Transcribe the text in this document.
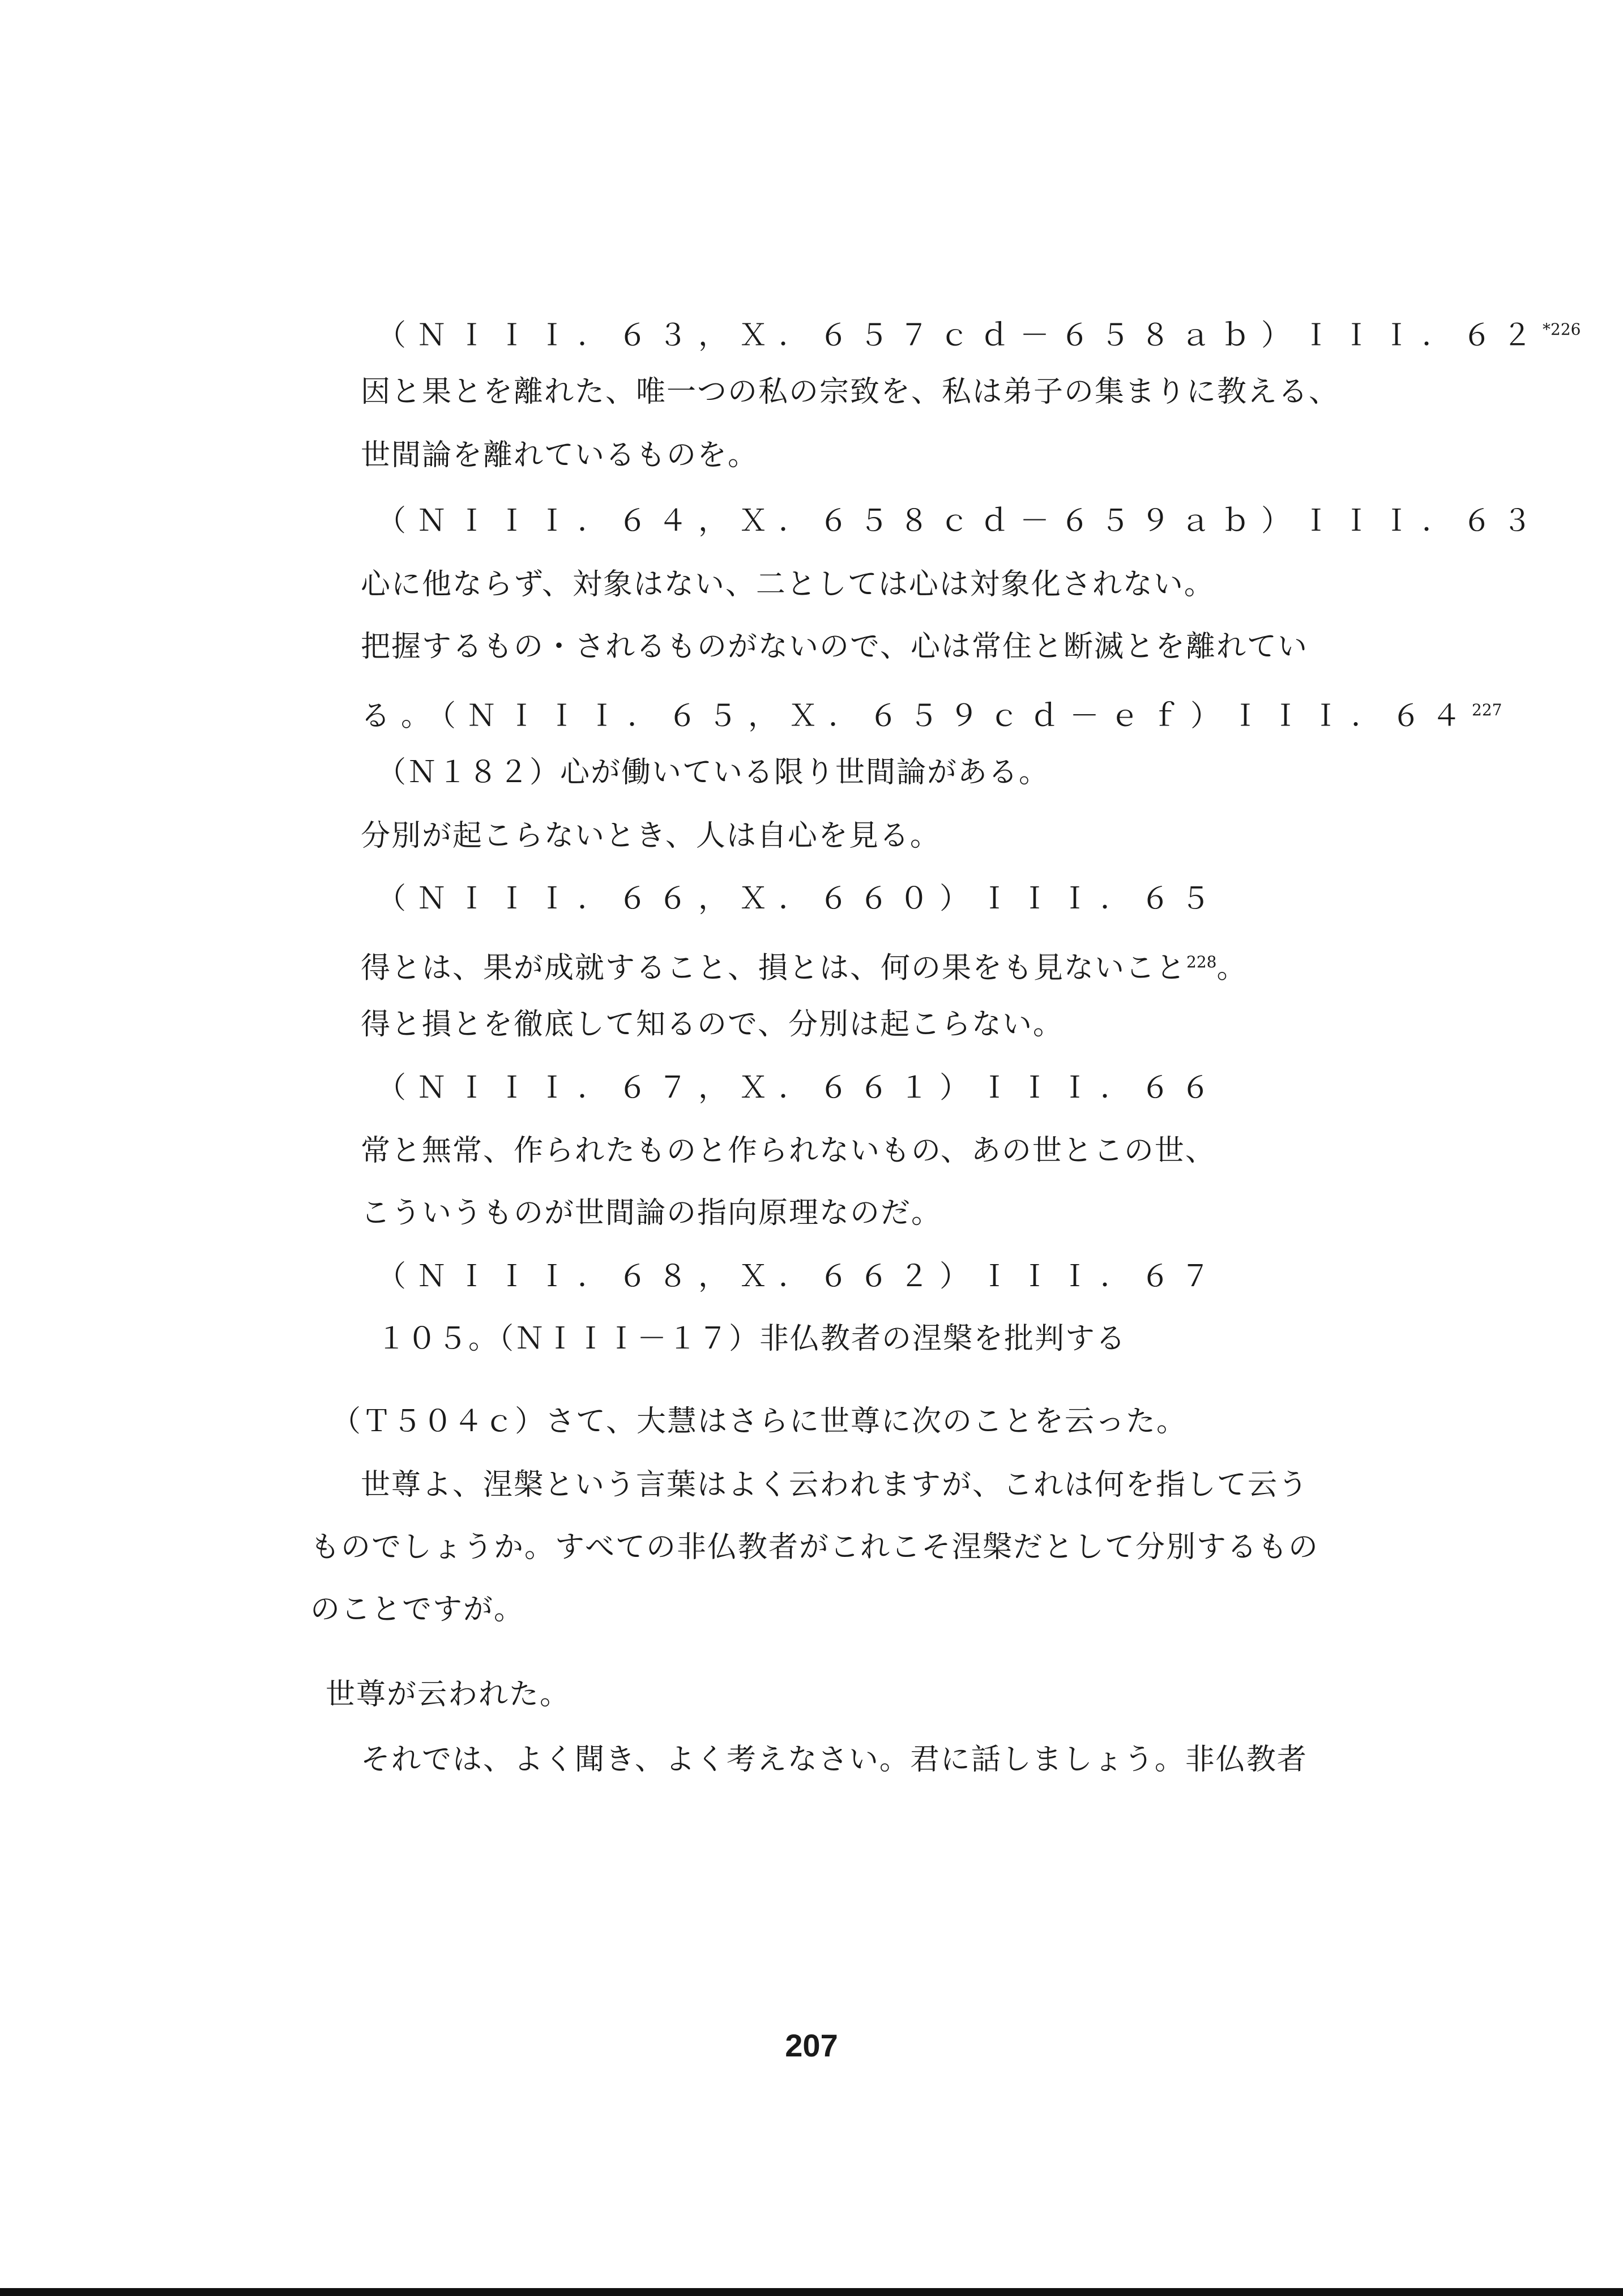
（ＮＩＩＩ．６３，Ｘ．６５７ｃｄ－６５８ａｂ）ＩＩＩ．６２$^{*226}$
因と果とを離れた、唯一つの私の宗致を、私は弟子の集まりに教える、
世間論を離れているものを。
（ＮＩＩＩ．６４，Ｘ．６５８ｃｄ－６５９ａｂ）ＩＩＩ．６３
心に他ならず、対象はない、二としては心は対象化されない。
把握するもの・されるものがないので、心は常住と断滅とを離れてい
る。（ＮＩＩＩ．６５，Ｘ．６５９ｃｄ－ｅｆ）ＩＩＩ．６４$^{227}$
（Ｎ１８２）心が働いている限り世間論がある。
分別が起こらないとき、人は自心を見る。
（ＮＩＩＩ．６６，Ｘ．６６０）ＩＩＩ．６５
得とは、果が成就すること、損とは、何の果をも見ないこと$^{228}$。
得と損とを徹底して知るので、分別は起こらない。
（ＮＩＩＩ．６７，Ｘ．６６１）ＩＩＩ．６６
常と無常、作られたものと作られないもの、あの世とこの世、
こういうものが世間論の指向原理なのだ。
（ＮＩＩＩ．６８，Ｘ．６６２）ＩＩＩ．６７
１０５。（ＮＩＩＩ－１７）非仏教者の涅槃を批判する
（Ｔ５０４ｃ）さて、大慧はさらに世尊に次のことを云った。
世尊よ、涅槃という言葉はよく云われますが、これは何を指して云う
ものでしょうか。すべての非仏教者がこれこそ涅槃だとして分別するもの
のことですが。
世尊が云われた。
それでは、よく聞き、よく考えなさい。君に話しましょう。非仏教者
207
